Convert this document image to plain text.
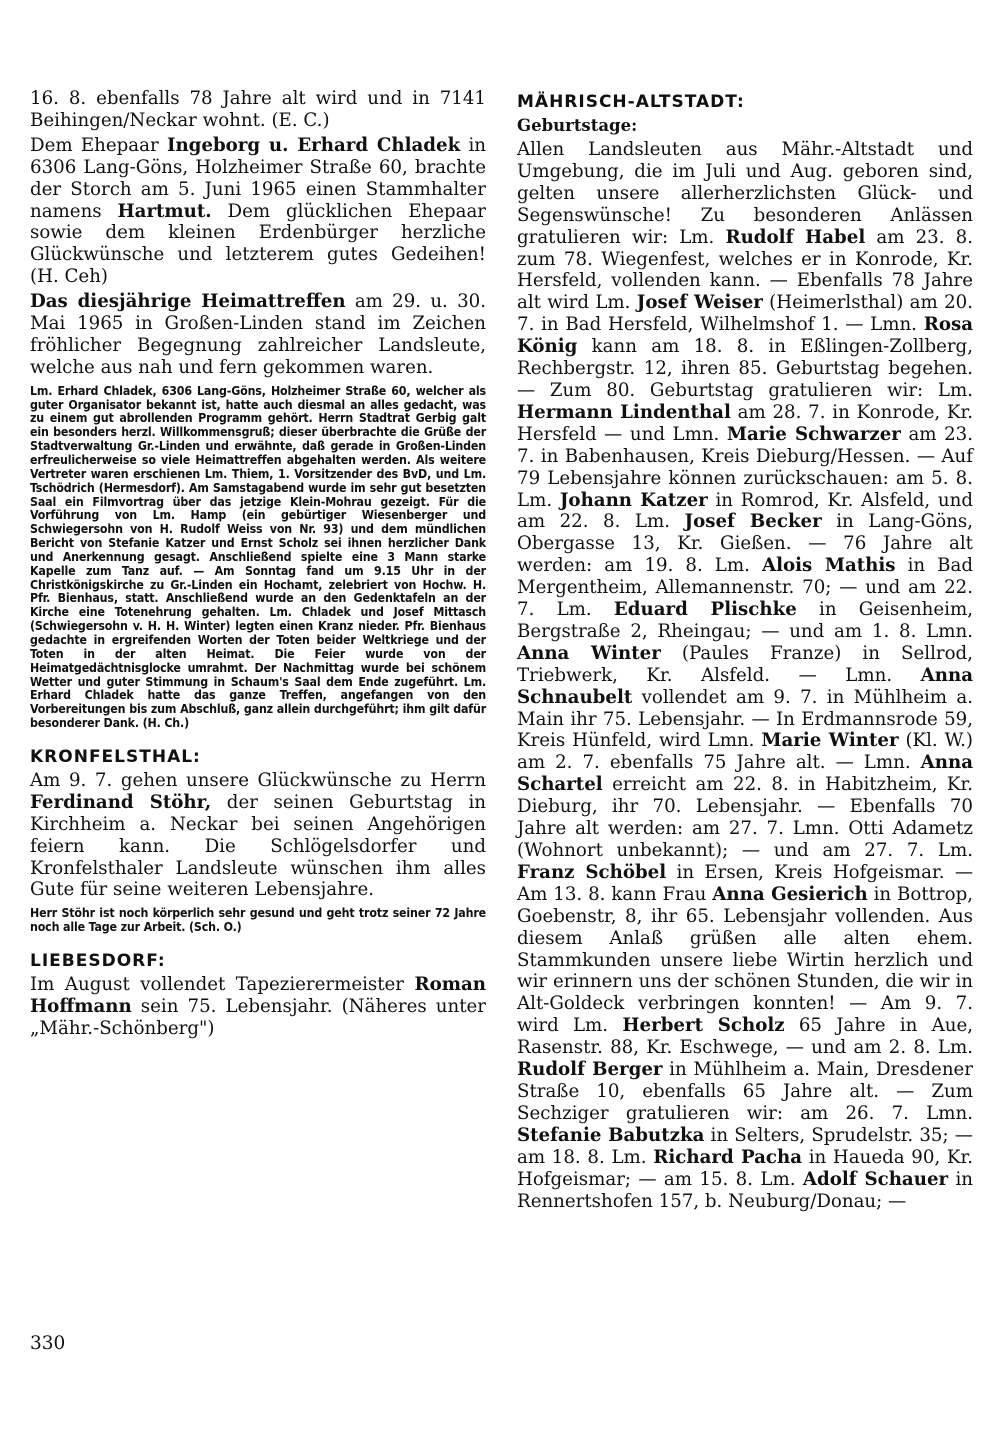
16. 8. ebenfalls 78 Jahre alt wird und in 7141 Beihingen/Neckar wohnt. (E. C.)

Dem Ehepaar Ingeborg u. Erhard Chladek in 6306 Lang-Göns, Holzheimer Straße 60, brachte der Storch am 5. Juni 1965 einen Stammhalter namens Hartmut. Dem glücklichen Ehepaar sowie dem kleinen Erdenbürger herzliche Glückwünsche und letzterem gutes Gedeihen! (H. Ceh)

Das diesjährige Heimattreffen am 29. u. 30. Mai 1965 in Großen-Linden stand im Zeichen fröhlicher Begegnung zahlreicher Landsleute, welche aus nah und fern gekommen waren.

Lm. Erhard Chladek, 6306 Lang-Göns, Holzheimer Straße 60, welcher als guter Organisator bekannt ist, hatte auch diesmal an alles gedacht, was zu einem gut abrollenden Programm gehört. Herrn Stadtrat Gerbig galt ein besonders herzl. Willkommensgruß; dieser überbrachte die Grüße der Stadtverwaltung Gr.-Linden und erwähnte, daß gerade in Großen-Linden erfreulicherweise so viele Heimattreffen abgehalten werden. Als weitere Vertreter waren erschienen Lm. Thiem, 1. Vorsitzender des BvD, und Lm. Tschödrich (Hermesdorf). Am Samstagabend wurde im sehr gut besetzten Saal ein Filmvortrag über das jetzige Klein-Mohrau gezeigt. Für die Vorführung von Lm. Hamp (ein gebürtiger Wiesenberger und Schwiegersohn von H. Rudolf Weiss von Nr. 93) und dem mündlichen Bericht von Stefanie Katzer und Ernst Scholz sei ihnen herzlicher Dank und Anerkennung gesagt. Anschließend spielte eine 3 Mann starke Kapelle zum Tanz auf. — Am Sonntag fand um 9.15 Uhr in der Christkönigskirche zu Gr.-Linden ein Hochamt, zelebriert von Hochw. H. Pfr. Bienhaus, statt. Anschließend wurde an den Gedenktafeln an der Kirche eine Totenehrung gehalten. Lm. Chladek und Josef Mittasch (Schwiegersohn v. H. H. Winter) legten einen Kranz nieder. Pfr. Bienhaus gedachte in ergreifenden Worten der Toten beider Weltkriege und der Toten in der alten Heimat. Die Feier wurde von der Heimatgedächtnisglocke umrahmt. Der Nachmittag wurde bei schönem Wetter und guter Stimmung in Schaum's Saal dem Ende zugeführt. Lm. Erhard Chladek hatte das ganze Treffen, angefangen von den Vorbereitungen bis zum Abschluß, ganz allein durchgeführt; ihm gilt dafür besonderer Dank. (H. Ch.)

KRONFELSTHAL:

Am 9. 7. gehen unsere Glückwünsche zu Herrn Ferdinand Stöhr, der seinen Geburtstag in Kirchheim a. Neckar bei seinen Angehörigen feiern kann. Die Schlögelsdorfer und Kronfelsthaler Landsleute wünschen ihm alles Gute für seine weiteren Lebensjahre.

Herr Stöhr ist noch körperlich sehr gesund und geht trotz seiner 72 Jahre noch alle Tage zur Arbeit. (Sch. O.)

LIEBESDORF:

Im August vollendet Tapezierermeister Roman Hoffmann sein 75. Lebensjahr. (Näheres unter „Mähr.-Schönberg")

MÄHRISCH-ALTSTADT:
Geburtstage:

Allen Landsleuten aus Mähr.-Altstadt und Umgebung, die im Juli und Aug. geboren sind, gelten unsere allerherzlichsten Glück- und Segenswünsche! Zu besonderen Anlässen gratulieren wir: Lm. Rudolf Habel am 23. 8. zum 78. Wiegenfest, welches er in Konrode, Kr. Hersfeld, vollenden kann. — Ebenfalls 78 Jahre alt wird Lm. Josef Weiser (Heimerlsthal) am 20. 7. in Bad Hersfeld, Wilhelmshof 1. — Lmn. Rosa König kann am 18. 8. in Eßlingen-Zollberg, Rechbergstr. 12, ihren 85. Geburtstag begehen. — Zum 80. Geburtstag gratulieren wir: Lm. Hermann Lindenthal am 28. 7. in Konrode, Kr. Hersfeld — und Lmn. Marie Schwarzer am 23. 7. in Babenhausen, Kreis Dieburg/Hessen. — Auf 79 Lebensjahre können zurückschauen: am 5. 8. Lm. Johann Katzer in Romrod, Kr. Alsfeld, und am 22. 8. Lm. Josef Becker in Lang-Göns, Obergasse 13, Kr. Gießen. — 76 Jahre alt werden: am 19. 8. Lm. Alois Mathis in Bad Mergentheim, Allemannenstr. 70; — und am 22. 7. Lm. Eduard Plischke in Geisenheim, Bergstraße 2, Rheingau; — und am 1. 8. Lmn. Anna Winter (Paules Franze) in Sellrod, Triebwerk, Kr. Alsfeld. — Lmn. Anna Schnaubelt vollendet am 9. 7. in Mühlheim a. Main ihr 75. Lebensjahr. — In Erdmannsrode 59, Kreis Hünfeld, wird Lmn. Marie Winter (Kl. W.) am 2. 7. ebenfalls 75 Jahre alt. — Lmn. Anna Schartel erreicht am 22. 8. in Habitzheim, Kr. Dieburg, ihr 70. Lebensjahr. — Ebenfalls 70 Jahre alt werden: am 27. 7. Lmn. Otti Adametz (Wohnort unbekannt); — und am 27. 7. Lm. Franz Schöbel in Ersen, Kreis Hofgeismar. — Am 13. 8. kann Frau Anna Gesierich in Bottrop, Goebenstr, 8, ihr 65. Lebensjahr vollenden. Aus diesem Anlaß grüßen alle alten ehem. Stammkunden unsere liebe Wirtin herzlich und wir erinnern uns der schönen Stunden, die wir in Alt-Goldeck verbringen konnten! — Am 9. 7. wird Lm. Herbert Scholz 65 Jahre in Aue, Rasenstr. 88, Kr. Eschwege, — und am 2. 8. Lm. Rudolf Berger in Mühlheim a. Main, Dresdener Straße 10, ebenfalls 65 Jahre alt. — Zum Sechziger gratulieren wir: am 26. 7. Lmn. Stefanie Babutzka in Selters, Sprudelstr. 35; — am 18. 8. Lm. Richard Pacha in Haueda 90, Kr. Hofgeismar; — am 15. 8. Lm. Adolf Schauer in Rennertshofen 157, b. Neuburg/Donau; —

330
